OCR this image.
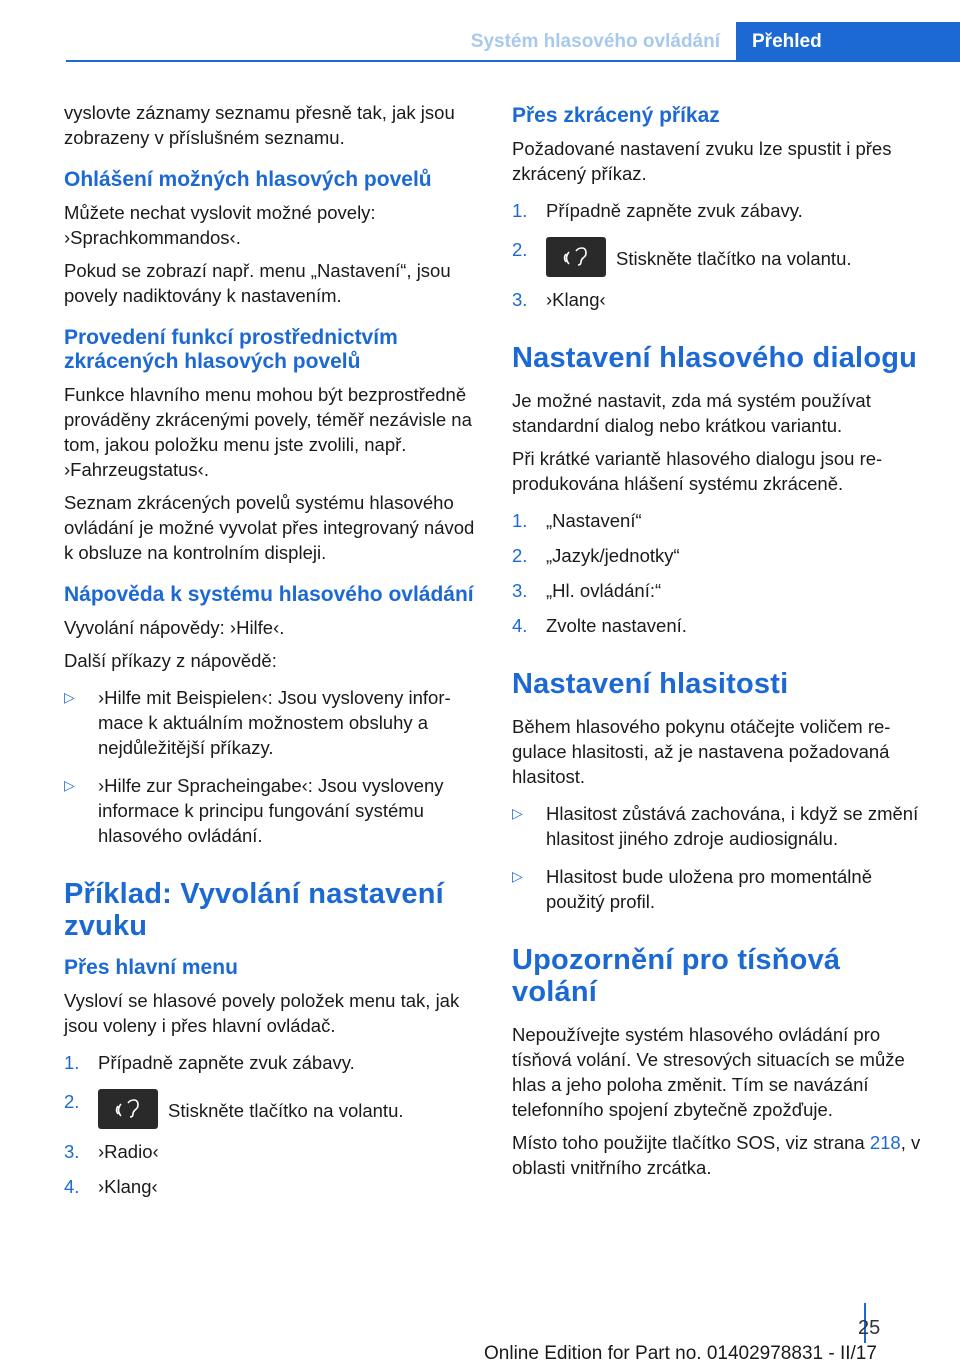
Systém hlasového ovládání	Přehled

vyslovte záznamy seznamu přesně tak, jak jsou zobrazeny v příslušném seznamu.

Ohlášení možných hlasových povelů

Můžete nechat vyslovit možné povely: ›Sprachkommandos‹.

Pokud se zobrazí např. menu „Nastavení“, jsou povely nadiktovány k nastavením.

Provedení funkcí prostřednictvím zkrácených hlasových povelů

Funkce hlavního menu mohou být bezprostředně prováděny zkrácenými povely, téměř nezávisle na tom, jakou položku menu jste zvolili, např. ›Fahrzeugstatus‹.

Seznam zkrácených povelů systému hlasového ovládání je možné vyvolat přes integrovaný návod k obsluze na kontrolním displeji.

Nápověda k systému hlasového ovládání

Vyvolání nápovědy: ›Hilfe‹.

Další příkazy z nápovědě:

▷ ›Hilfe mit Beispielen‹: Jsou vysloveny informace k aktuálním možnostem obsluhy a nejdůležitější příkazy.
▷ ›Hilfe zur Spracheingabe‹: Jsou vysloveny informace k principu fungování systému hlasového ovládání.
Příklad: Vyvolání nastavení zvuku
Přes hlavní menu

Vysloví se hlasové povely položek menu tak, jak jsou voleny i přes hlavní ovládač.

1. Případně zapněte zvuk zábavy.
2.	Stiskněte tlačítko na volantu.
3. ›Radio‹
4. ›Klang‹
Přes zkrácený příkaz

Požadované nastavení zvuku lze spustit i přes zkrácený příkaz.

1. Případně zapněte zvuk zábavy.
2.	Stiskněte tlačítko na volantu.
3. ›Klang‹
Nastavení hlasového dialogu

Je možné nastavit, zda má systém používat standardní dialog nebo krátkou variantu.

Při krátké variantě hlasového dialogu jsou reprodukována hlášení systému zkráceně.

1. „Nastavení“
2. „Jazyk/jednotky“
3. „Hl. ovládání:“
4. Zvolte nastavení.
Nastavení hlasitosti

Během hlasového pokynu otáčejte voličem regulace hlasitosti, až je nastavena požadovaná hlasitost.

▷ Hlasitost zůstává zachována, i když se změní hlasitost jiného zdroje audiosignálu.
▷ Hlasitost bude uložena pro momentálně použitý profil.
Upozornění pro tísňová volání

Nepoužívejte systém hlasového ovládání pro tísňová volání. Ve stresových situacích se může hlas a jeho poloha změnit. Tím se navázání telefonního spojení zbytečně zpožďuje.

Místo toho použijte tlačítko SOS, viz strana 218, v oblasti vnitřního zrcátka.

25
Online Edition for Part no. 01402978831 - II/17
